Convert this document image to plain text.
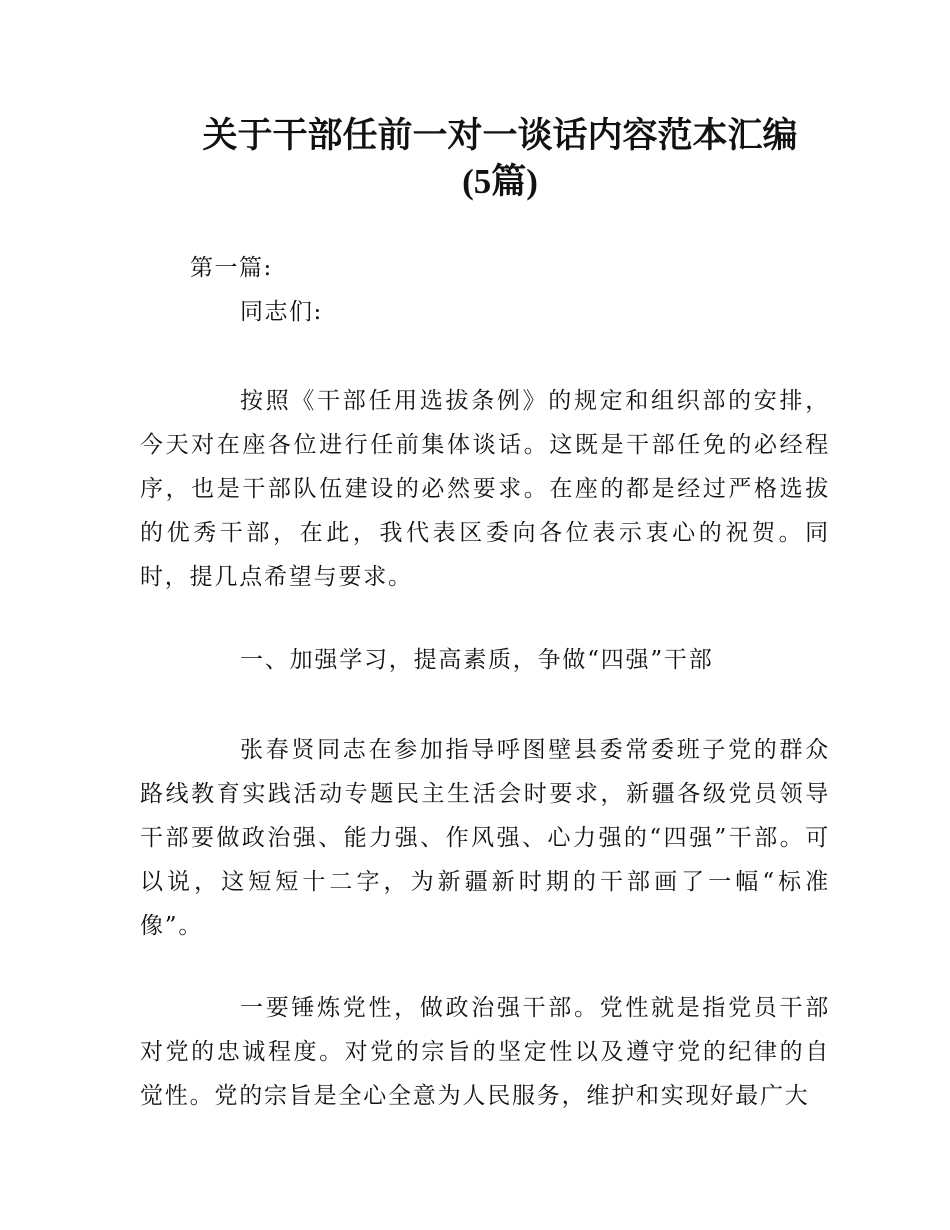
关于干部任前一对一谈话内容范本汇编
(5篇)

第一篇:

同志们:

按照《干部任用选拔条例》的规定和组织部的安排，今天对在座各位进行任前集体谈话。这既是干部任免的必经程序，也是干部队伍建设的必然要求。在座的都是经过严格选拔的优秀干部，在此，我代表区委向各位表示衷心的祝贺。同时，提几点希望与要求。

一、加强学习，提高素质，争做“四强”干部

张春贤同志在参加指导呼图壁县委常委班子党的群众路线教育实践活动专题民主生活会时要求，新疆各级党员领导干部要做政治强、能力强、作风强、心力强的“四强”干部。可以说，这短短十二字，为新疆新时期的干部画了一幅“标准像”。

一要锤炼党性，做政治强干部。党性就是指党员干部对党的忠诚程度。对党的宗旨的坚定性以及遵守党的纪律的自觉性。党的宗旨是全心全意为人民服务，维护和实现好最广大
